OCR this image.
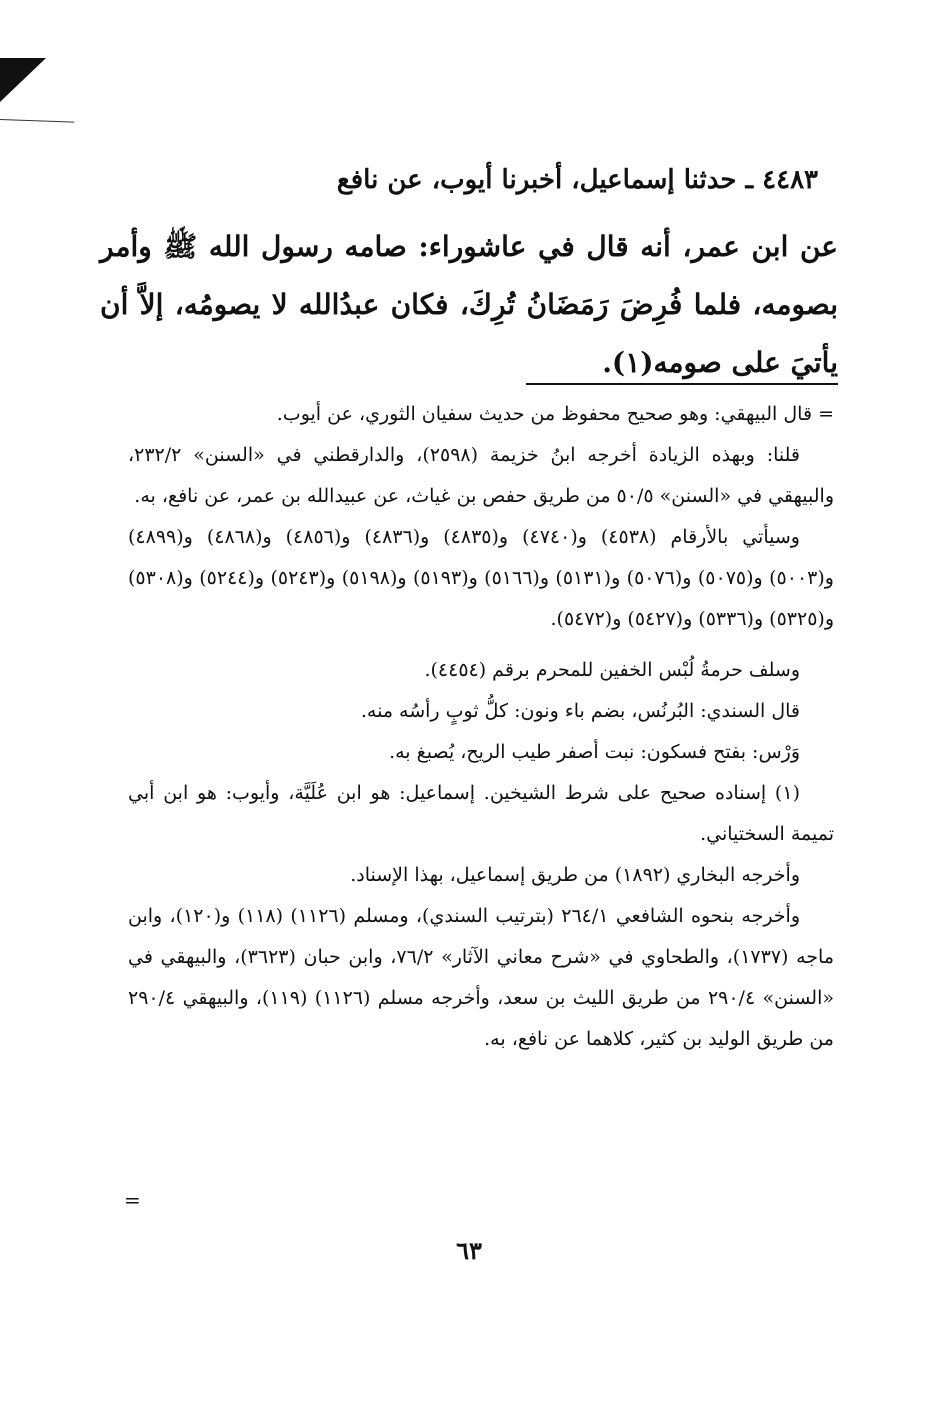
٤٤٨٣ ـ حدثنا إسماعيل، أخبرنا أيوب، عن نافع
عن ابن عمر، أنه قال في عاشوراء: صامه رسول الله ﷺ وأمر
بصومه، فلما فُرِضَ رَمَضَانُ تُرِكَ، فكان عبدُالله لا يصومُه، إلاَّ أن
يأتيَ على صومه(١).

= قال البيهقي: وهو صحيح محفوظ من حديث سفيان الثوري، عن أيوب.

قلنا: وبهذه الزيادة أخرجه ابنُ خزيمة (٢٥٩٨)، والدارقطني في «السنن» ٢٣٢/٢، والبيهقي في «السنن» ٥٠/٥ من طريق حفص بن غياث، عن عبيدالله بن عمر، عن نافع، به.

وسيأتي بالأرقام (٤٥٣٨) و(٤٧٤٠) و(٤٨٣٥) و(٤٨٣٦) و(٤٨٥٦) و(٤٨٦٨) و(٤٨٩٩) و(٥٠٠٣) و(٥٠٧٥) و(٥٠٧٦) و(٥١٣١) و(٥١٦٦) و(٥١٩٣) و(٥١٩٨) و(٥٢٤٣) و(٥٢٤٤) و(٥٣٠٨) و(٥٣٢٥) و(٥٣٣٦) و(٥٤٢٧) و(٥٤٧٢).

وسلف حرمةُ لُبْس الخفين للمحرم برقم (٤٤٥٤).

قال السندي: البُرنُس، بضم باء ونون: كلُّ ثوبٍ رأسُه منه.

وَرْس: بفتح فسكون: نبت أصفر طيب الريح، يُصبغ به.

(١) إسناده صحيح على شرط الشيخين. إسماعيل: هو ابن عُلَيَّة، وأيوب: هو ابن أبي تميمة السختياني.

وأخرجه البخاري (١٨٩٢) من طريق إسماعيل، بهذا الإسناد.

وأخرجه بنحوه الشافعي ٢٦٤/١ (بترتيب السندي)، ومسلم (١١٢٦) (١١٨) و(١٢٠)، وابن ماجه (١٧٣٧)، والطحاوي في «شرح معاني الآثار» ٧٦/٢، وابن حبان (٣٦٢٣)، والبيهقي في «السنن» ٢٩٠/٤ من طريق الليث بن سعد، وأخرجه مسلم (١١٢٦) (١١٩)، والبيهقي ٢٩٠/٤ من طريق الوليد بن كثير، كلاهما عن نافع، به.

=
٦٣
